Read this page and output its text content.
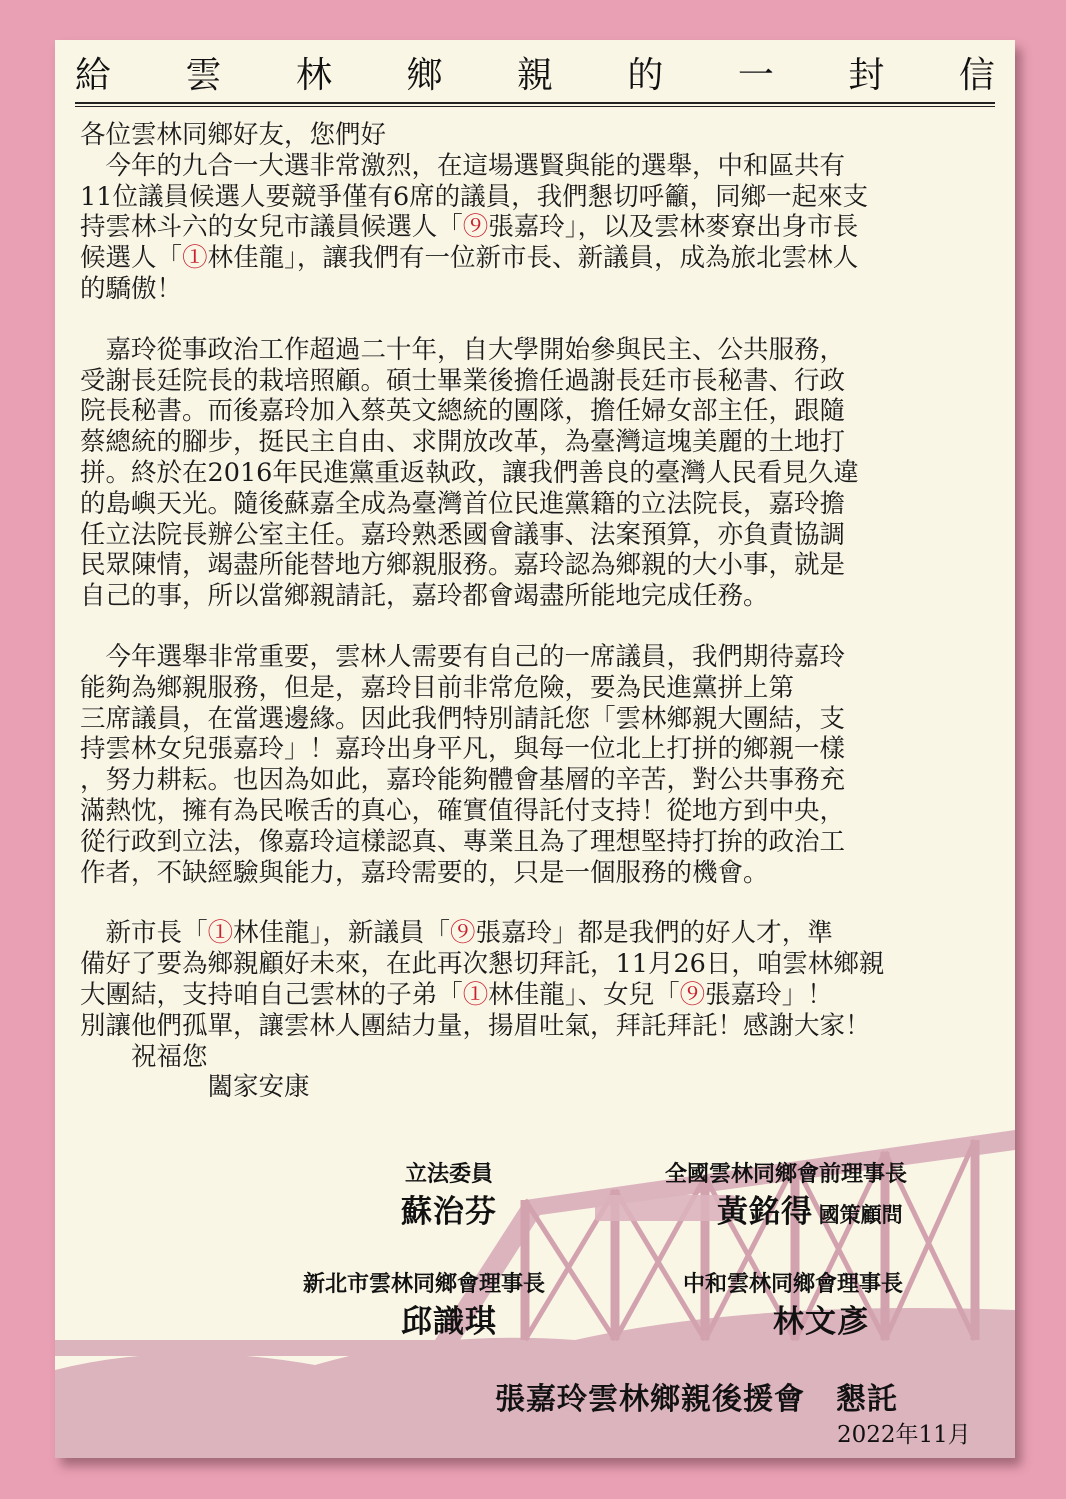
給 雲 林 鄉 親 的 一 封 信
各位雲林同鄉好友，您們好
　今年的九合一大選非常激烈，在這場選賢與能的選舉，中和區共有
11位議員候選人要競爭僅有6席的議員，我們懇切呼籲，同鄉一起來支
持雲林斗六的女兒市議員候選人「⑨張嘉玲」，以及雲林麥寮出身市長
候選人「①林佳龍」，讓我們有一位新市長、新議員，成為旅北雲林人
的驕傲！
　嘉玲從事政治工作超過二十年，自大學開始參與民主、公共服務，
受謝長廷院長的栽培照顧。碩士畢業後擔任過謝長廷市長秘書、行政
院長秘書。而後嘉玲加入蔡英文總統的團隊，擔任婦女部主任，跟隨
蔡總統的腳步，挺民主自由、求開放改革，為臺灣這塊美麗的土地打
拼。終於在2016年民進黨重返執政，讓我們善良的臺灣人民看見久違
的島嶼天光。隨後蘇嘉全成為臺灣首位民進黨籍的立法院長，嘉玲擔
任立法院長辦公室主任。嘉玲熟悉國會議事、法案預算，亦負責協調
民眾陳情，竭盡所能替地方鄉親服務。嘉玲認為鄉親的大小事，就是
自己的事，所以當鄉親請託，嘉玲都會竭盡所能地完成任務。
　今年選舉非常重要，雲林人需要有自己的一席議員，我們期待嘉玲
能夠為鄉親服務，但是，嘉玲目前非常危險，要為民進黨拼上第
三席議員，在當選邊緣。因此我們特別請託您「雲林鄉親大團結，支
持雲林女兒張嘉玲」！嘉玲出身平凡，與每一位北上打拼的鄉親一樣
，努力耕耘。也因為如此，嘉玲能夠體會基層的辛苦，對公共事務充
滿熱忱，擁有為民喉舌的真心，確實值得託付支持！從地方到中央，
從行政到立法，像嘉玲這樣認真、專業且為了理想堅持打拚的政治工
作者，不缺經驗與能力，嘉玲需要的，只是一個服務的機會。
　新市長「①林佳龍」，新議員「⑨張嘉玲」都是我們的好人才，準
備好了要為鄉親顧好未來，在此再次懇切拜託，11月26日，咱雲林鄉親
大團結，支持咱自己雲林的子弟「①林佳龍」、女兒「⑨張嘉玲」！
別讓他們孤單，讓雲林人團結力量，揚眉吐氣，拜託拜託！感謝大家！
　　祝福您
　　　　　闔家安康
立法委員
蘇治芬
全國雲林同鄉會前理事長
黃銘得 國策顧問
新北市雲林同鄉會理事長
邱識琪
中和雲林同鄉會理事長
林文彥
張嘉玲雲林鄉親後援會　懇託
2022年11月
